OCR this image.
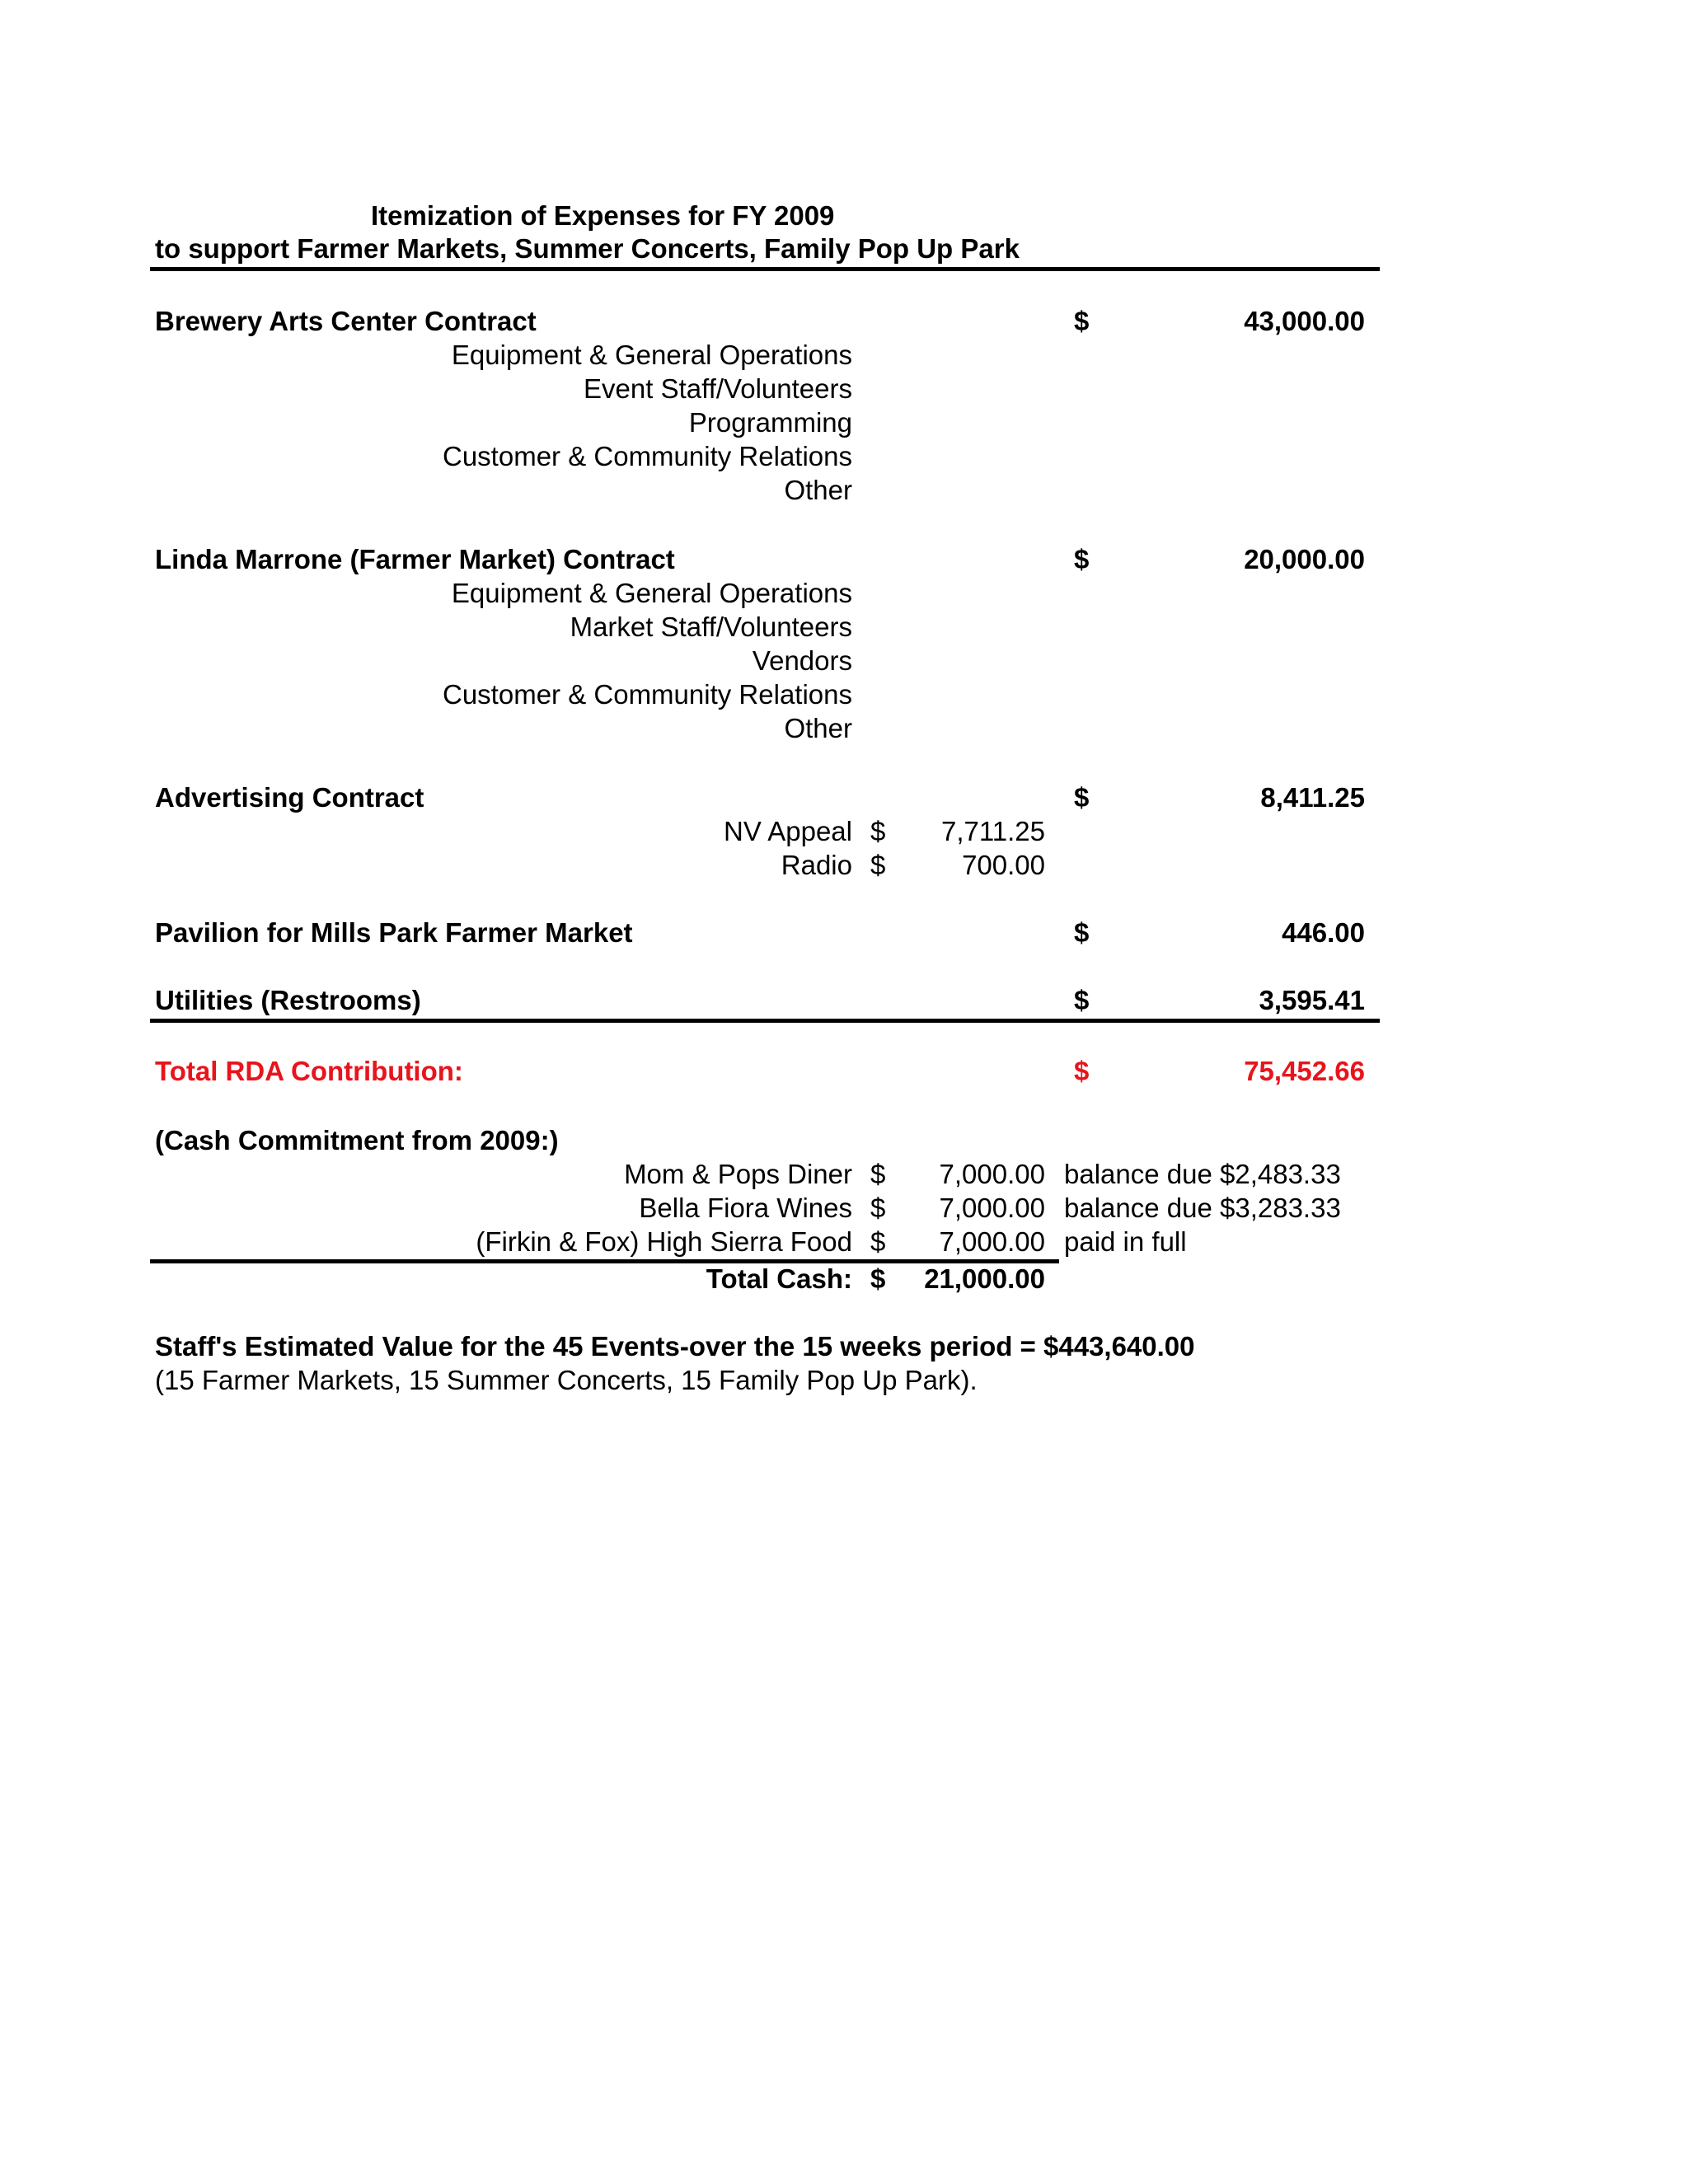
Itemization of Expenses for FY 2009
to support Farmer Markets, Summer Concerts, Family Pop Up Park
Brewery Arts Center Contract	$	43,000.00
Equipment & General Operations
Event Staff/Volunteers
Programming
Customer & Community Relations
Other
Linda Marrone (Farmer Market) Contract	$	20,000.00
Equipment & General Operations
Market Staff/Volunteers
Vendors
Customer & Community Relations
Other
Advertising Contract	$	8,411.25
NV Appeal $	7,711.25
Radio $	700.00
Pavilion for Mills Park Farmer Market	$	446.00
Utilities (Restrooms)	$	3,595.41
Total RDA Contribution:	$	75,452.66
(Cash Commitment from 2009:)
Mom & Pops Diner $	7,000.00 balance due $2,483.33
Bella Fiora Wines $	7,000.00 balance due $3,283.33
(Firkin & Fox) High Sierra Food $	7,000.00 paid in full
Total Cash: $	21,000.00
Staff's Estimated Value for the 45 Events-over the 15 weeks period = $443,640.00
(15 Farmer Markets, 15 Summer Concerts, 15 Family Pop Up Park).
